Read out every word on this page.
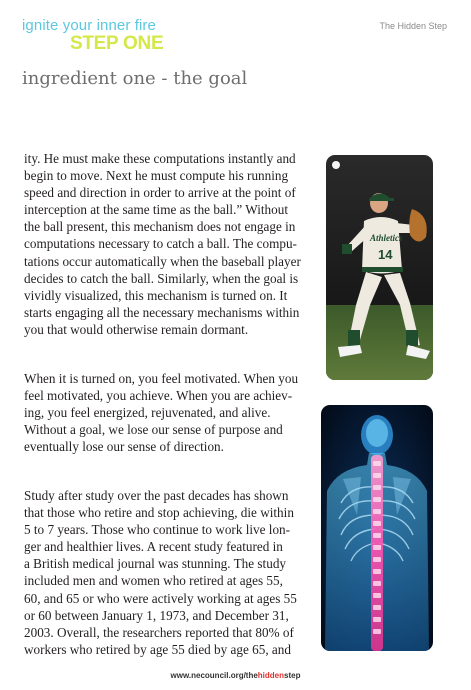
ignite your inner fire

STEP ONE

The Hidden Step

ingredient one - the goal
ity. He must make these computations instantly and
begin to move. Next he must compute his running
speed and direction in order to arrive at the point of
interception at the same time as the ball.” Without
the ball present, this mechanism does not engage in
computations necessary to catch a ball. The compu-
tations occur automatically when the baseball player
decides to catch the ball. Similarly, when the goal is
vividly visualized, this mechanism is turned on. It
starts engaging all the necessary mechanisms within
you that would otherwise remain dormant.
When it is turned on, you feel motivated. When you
feel motivated, you achieve. When you are achiev-
ing, you feel energized, rejuvenated, and alive.
Without a goal, we lose our sense of purpose and
eventually lose our sense of direction.
Study after study over the past decades has shown
that those who retire and stop achieving, die within
5 to 7 years. Those who continue to work live lon-
ger and healthier lives. A recent study featured in
a British medical journal was stunning. The study
included men and women who retired at ages 55,
60, and 65 or who were actively working at ages 55
or 60 between January 1, 1973, and December 31,
2003. Overall, the researchers reported that 80% of
workers who retired by age 55 died by age 65, and
Athletics
14

www.necouncil.org/thehiddenstep
